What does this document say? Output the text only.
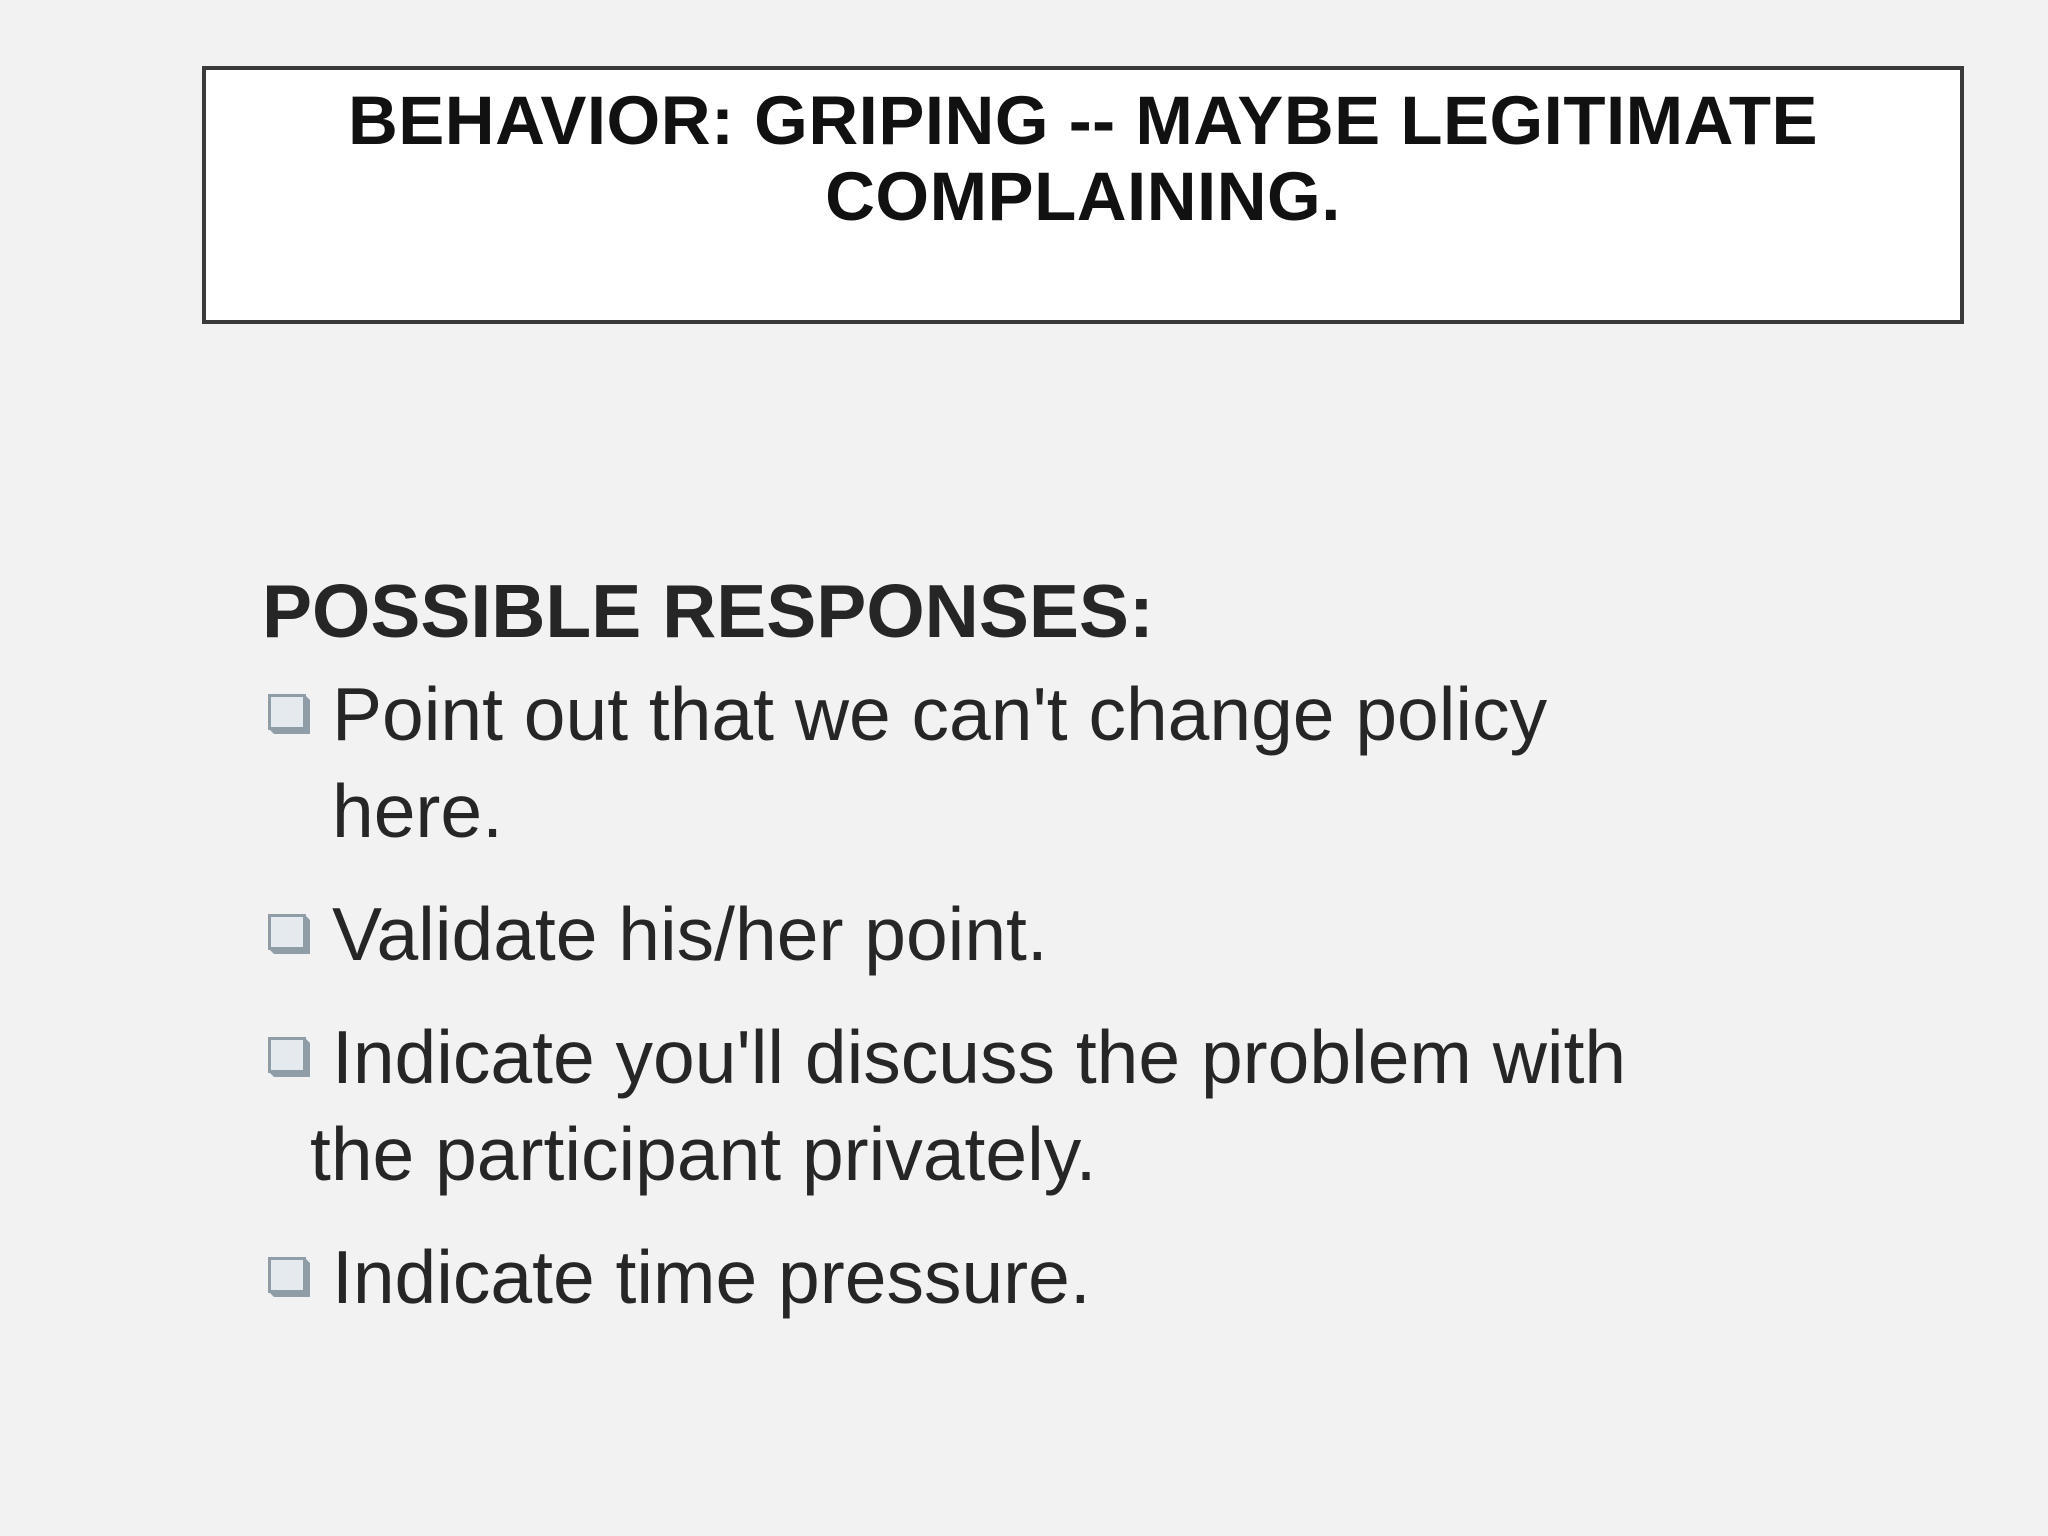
BEHAVIOR: GRIPING -- MAYBE LEGITIMATE
COMPLAINING.
POSSIBLE RESPONSES:
Point out that we can't change policy here.
Validate his/her point.
Indicate you'll discuss the problem with
the participant privately.
Indicate time pressure.
